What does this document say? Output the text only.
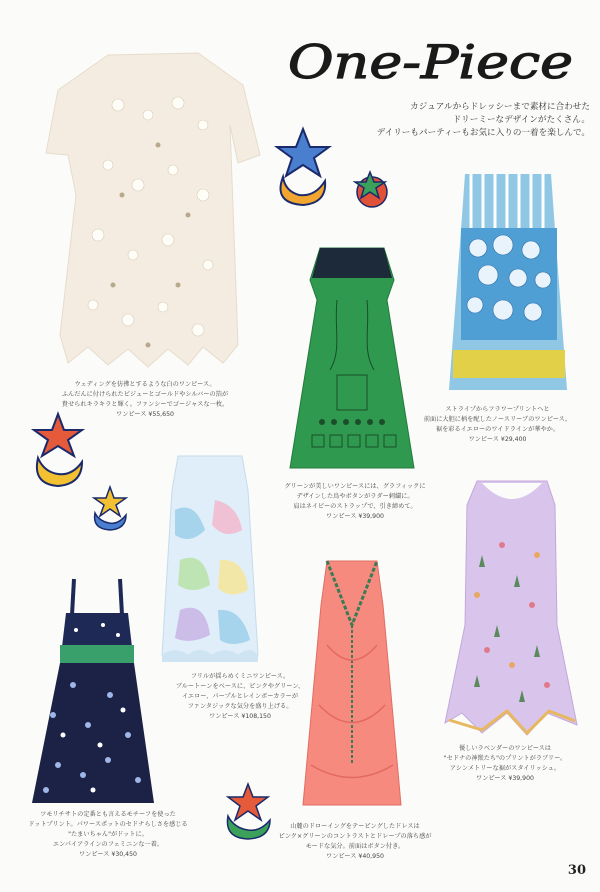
One-Piece
カジュアルからドレッシーまで素材に合わせた
ドリーミーなデザインがたくさん。
デイリーもパーティーもお気に入りの一着を楽しんで。
ウェディングを彷彿とするような白のワンピース。
ふんだんに付けられたビジューとゴールドやシルバーの箔が
貴せられキラキラと輝く。ファンシーでゴージャスな一枚。
ワンピース ¥55,650
グリーンが美しいワンピースには、グラフィックに
デザインした鳥やボタンがラダー刺繍に。
肩はネイビーのストラップで、引き締めて。
ワンピース ¥39,900
ストライプからフラワープリントへと
前面に大胆に柄を配したノースリーブのワンピース。
裾を彩るイエローのワイドラインが華やか。
ワンピース ¥29,400
フリルが揺らめくミニワンピース。
ブルートーンをベースに、ピンクやグリーン、
イエロー、パープルとレインボーカラーが
ファンタジックな気分を盛り上げる。
ワンピース ¥108,150
ツモリチサトの定番とも言えるモチーフを使った
ドットプリント。パワースポットのセドナらしさを感じる
"たまいちゃん"がドットに。
エンパイアラインのフェミニンな一着。
ワンピース ¥30,450
山麓のドローイングをテーピングしたドレスは
ピンク×グリーンのコントラストとドレープの落ち感が
モードな気分。前面はボタン付き。
ワンピース ¥40,950
優しいラベンダーのワンピースは
"セドナの神獣たち"のプリントがラブリー。
アシンメトリーな裾がスタイリッシュ。
ワンピース ¥39,900
30
